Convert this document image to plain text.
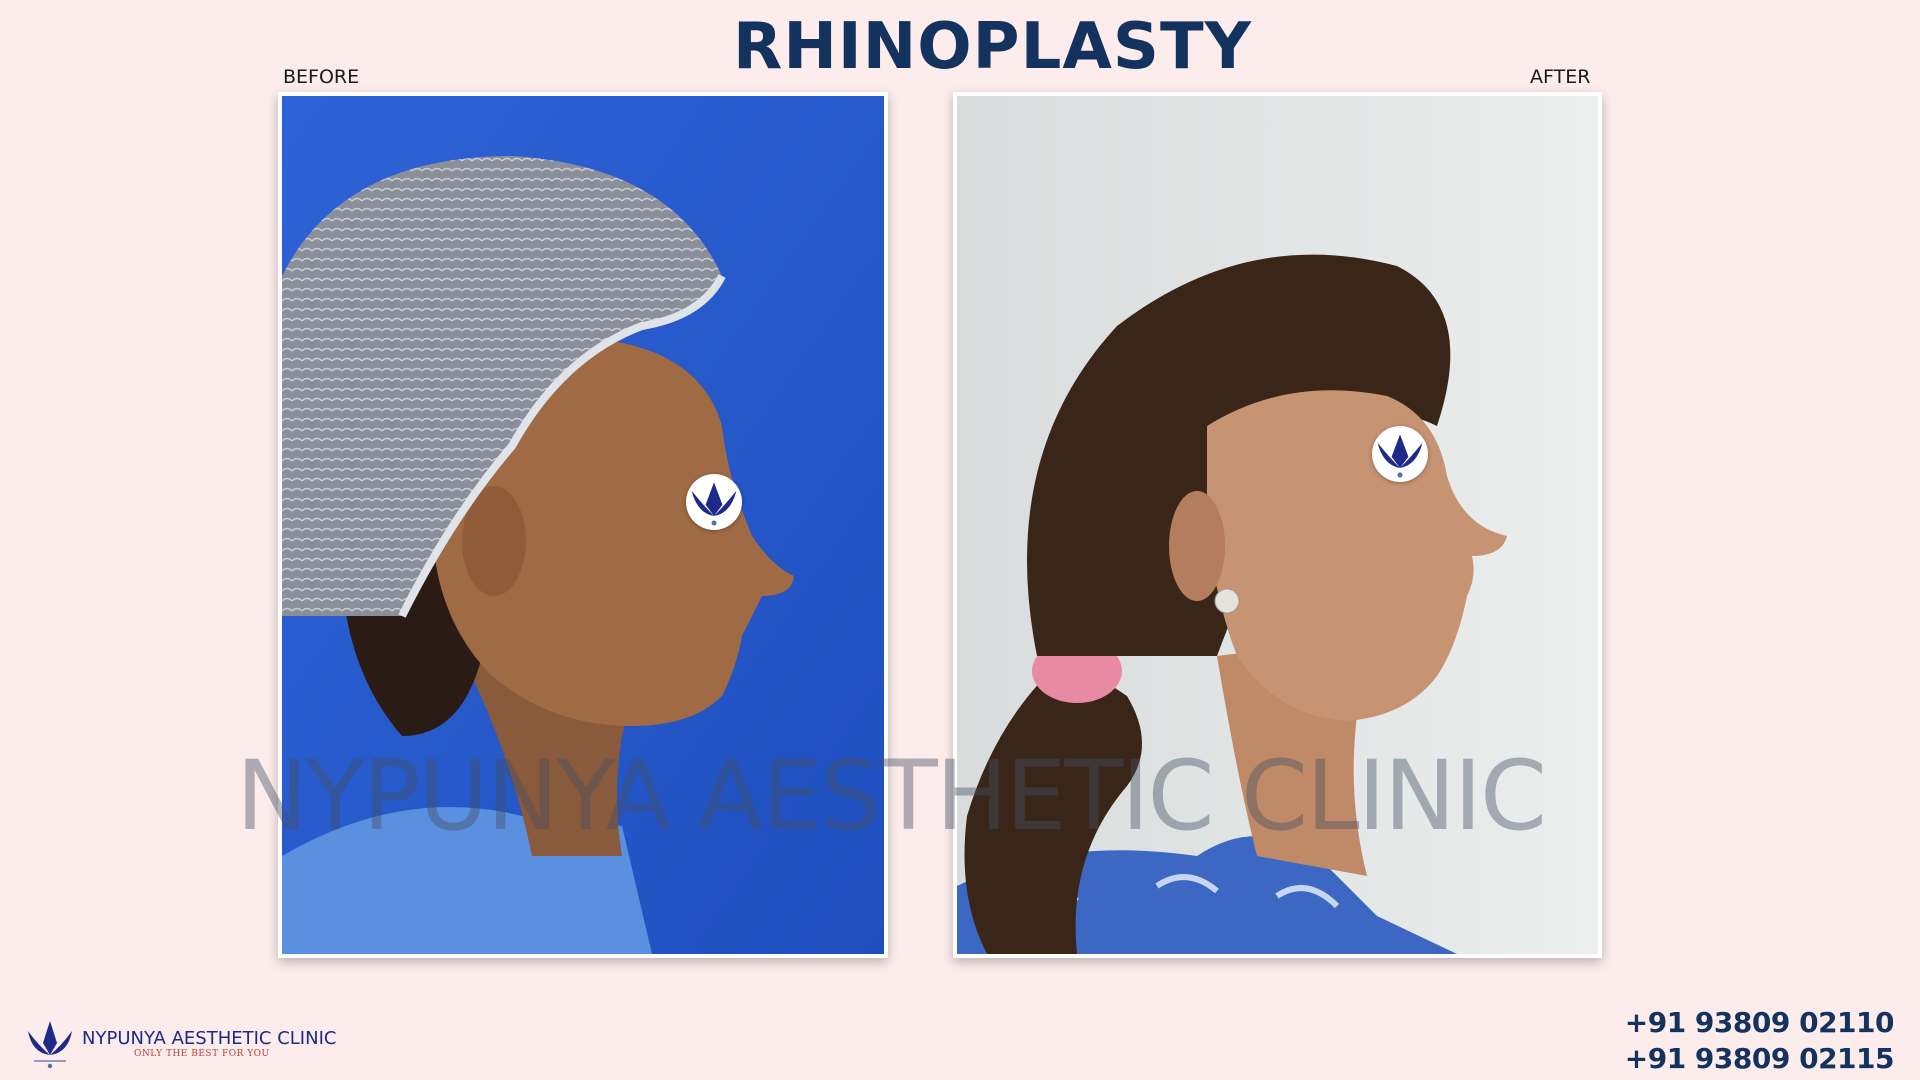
RHINOPLASTY
BEFORE	AFTER
NYPUNYA AESTHETIC CLINIC
NYPUNYA AESTHETIC CLINIC
ONLY THE BEST FOR YOU
+91 93809 02110
+91 93809 02115
